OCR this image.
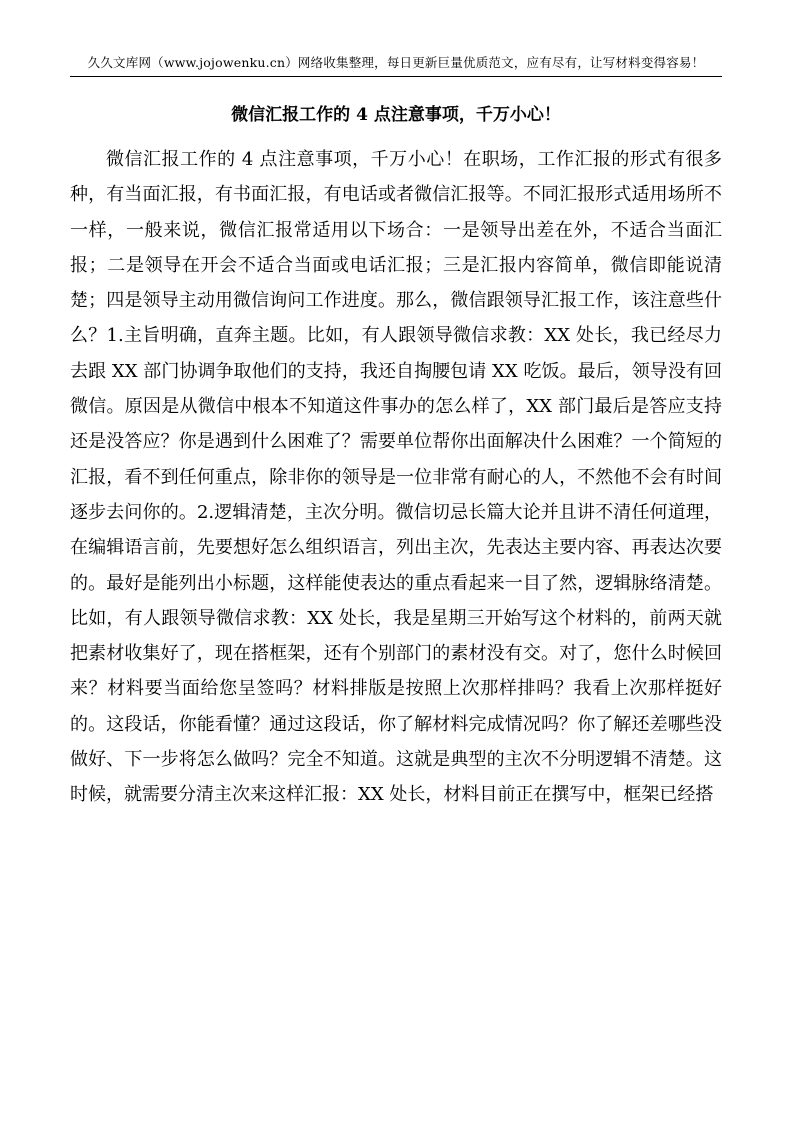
久久文库网（www.jojowenku.cn）网络收集整理，每日更新巨量优质范文，应有尽有，让写材料变得容易！
微信汇报工作的 4 点注意事项，千万小心！

微信汇报工作的 4 点注意事项，千万小心！在职场，工作汇报的形式有很多种，有当面汇报，有书面汇报，有电话或者微信汇报等。不同汇报形式适用场所不一样，一般来说，微信汇报常适用以下场合：一是领导出差在外，不适合当面汇报；二是领导在开会不适合当面或电话汇报；三是汇报内容简单，微信即能说清楚；四是领导主动用微信询问工作进度。那么，微信跟领导汇报工作，该注意些什么？1.主旨明确，直奔主题。比如，有人跟领导微信求教：XX 处长，我已经尽力去跟 XX 部门协调争取他们的支持，我还自掏腰包请 XX 吃饭。最后，领导没有回微信。原因是从微信中根本不知道这件事办的怎么样了，XX 部门最后是答应支持还是没答应？你是遇到什么困难了？需要单位帮你出面解决什么困难？一个简短的汇报，看不到任何重点，除非你的领导是一位非常有耐心的人，不然他不会有时间逐步去问你的。2.逻辑清楚，主次分明。微信切忌长篇大论并且讲不清任何道理，在编辑语言前，先要想好怎么组织语言，列出主次，先表达主要内容、再表达次要的。最好是能列出小标题，这样能使表达的重点看起来一目了然，逻辑脉络清楚。比如，有人跟领导微信求教：XX 处长，我是星期三开始写这个材料的，前两天就把素材收集好了，现在搭框架，还有个别部门的素材没有交。对了，您什么时候回来？材料要当面给您呈签吗？材料排版是按照上次那样排吗？我看上次那样挺好的。这段话，你能看懂？通过这段话，你了解材料完成情况吗？你了解还差哪些没做好、下一步将怎么做吗？完全不知道。这就是典型的主次不分明逻辑不清楚。这时候，就需要分清主次来这样汇报：XX 处长，材料目前正在撰写中，框架已经搭
